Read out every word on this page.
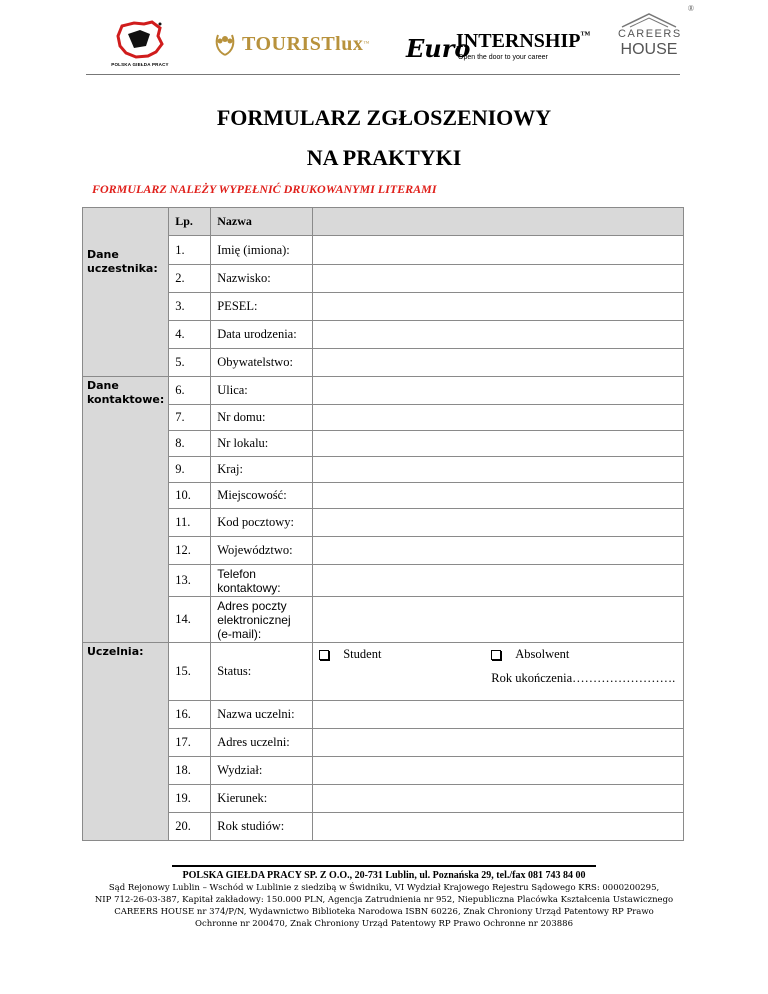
POLSKA GIEŁDA PRACY
TOURISTlux ™ Euro
INTERNSHIP™
Open the door to your career
CAREERS
HOUSE
®
FORMULARZ ZGŁOSZENIOWY
NA PRAKTYKI
FORMULARZ NALEŻY WYPEŁNIĆ DRUKOWANYMI LITERAMI
	Lp.	Nazwa	

Dane uczestnika:	1.	Imię (imiona):	
	2.	Nazwisko:	
	3.	PESEL:	
	4.	Data urodzenia:	
	5.	Obywatelstwo:	

Dane kontaktowe:	6.	Ulica:	
	7.	Nr domu:	
	8.	Nr lokalu:	
	9.	Kraj:	
	10.	Miejscowość:	
	11.	Kod pocztowy:	
	12.	Województwo:	
	13.	Telefon kontaktowy:	
	14.	Adres poczty elektronicznej (e-mail):	

Uczelnia:	15.	Status:	Student Absolwent
Rok ukończenia…………………….

	16.	Nazwa uczelni:	
	17.	Adres uczelni:	
	18.	Wydział:	
	19.	Kierunek:	
	20.	Rok studiów:	
POLSKA GIEŁDA PRACY SP. Z O.O., 20-731 Lublin, ul. Poznańska 29, tel./fax 081 743 84 00
Sąd Rejonowy Lublin – Wschód w Lublinie z siedzibą w Świdniku, VI Wydział Krajowego Rejestru Sądowego KRS: 0000200295,
NIP 712-26-03-387, Kapitał zakładowy: 150.000 PLN, Agencja Zatrudnienia nr 952, Niepubliczna Placówka Kształcenia Ustawicznego
CAREERS HOUSE nr 374/P/N, Wydawnictwo Biblioteka Narodowa ISBN 60226, Znak Chroniony Urząd Patentowy RP Prawo
Ochronne nr 200470, Znak Chroniony Urząd Patentowy RP Prawo Ochronne nr 203886
